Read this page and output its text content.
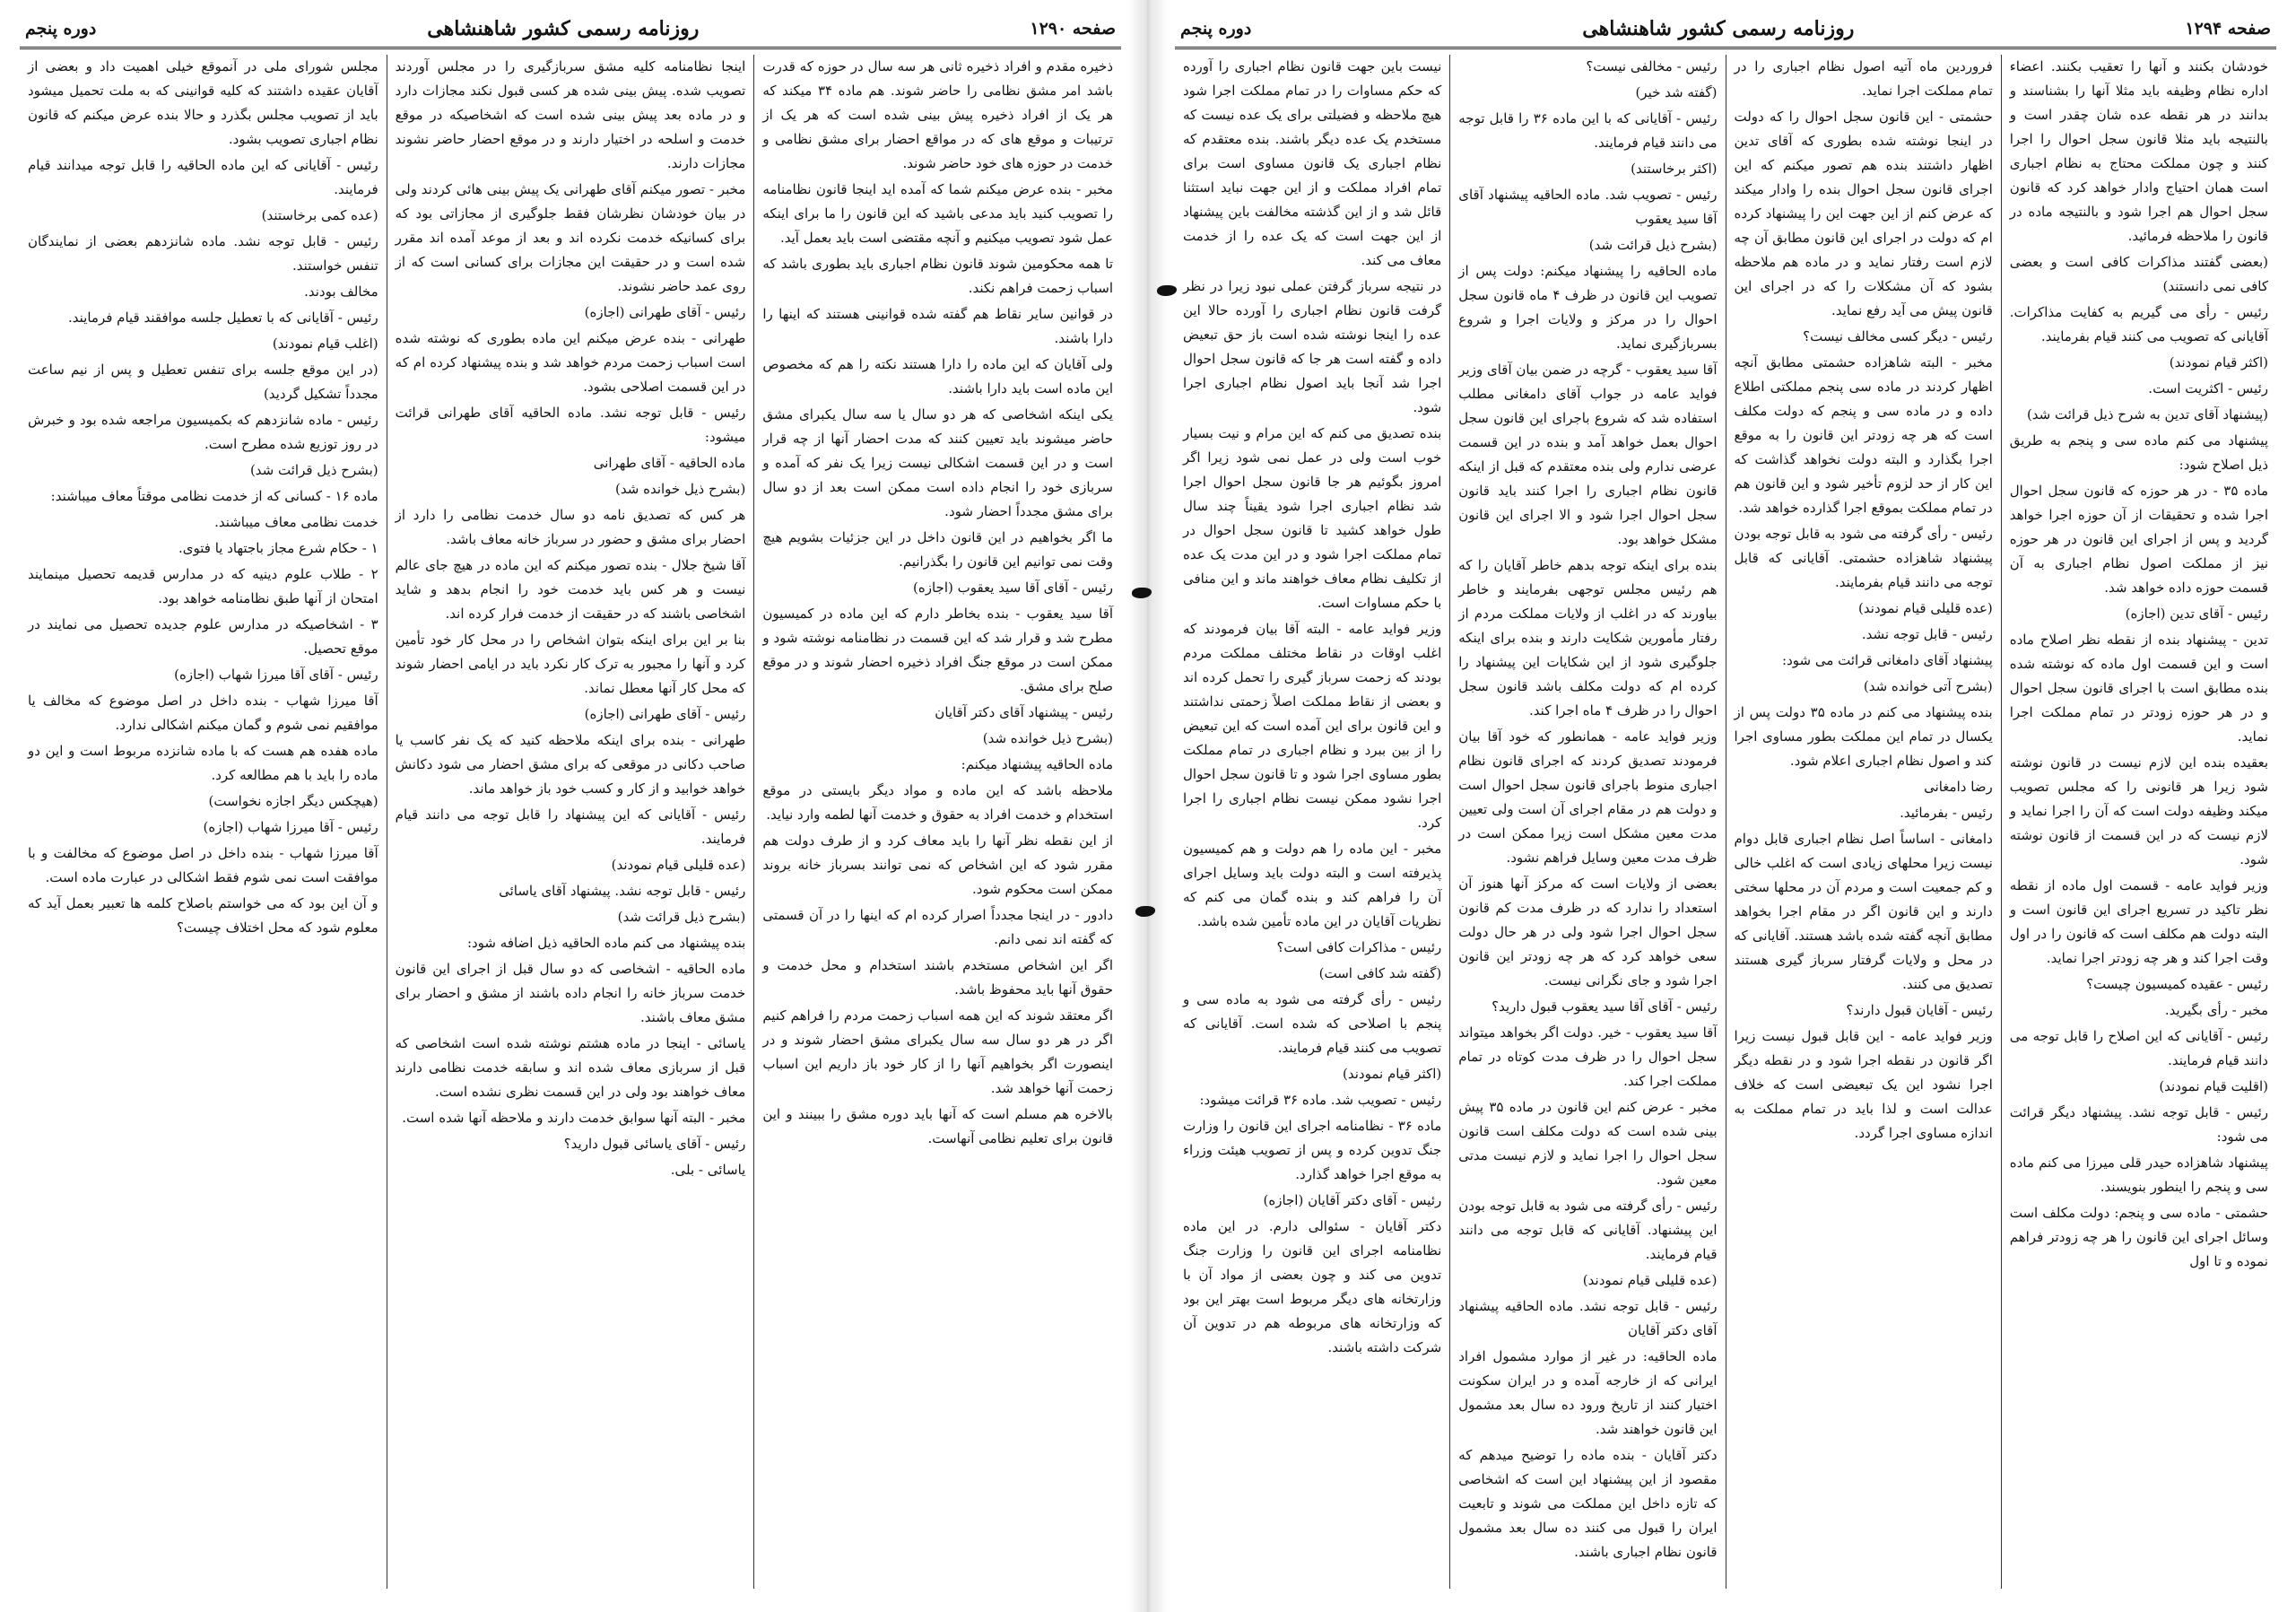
صفحه ۱۲۹۰
روزنامه رسمی کشور شاهنشاهی
دوره پنجم

ذخیره مقدم و افراد ذخیره ثانی هر سه سال در حوزه که قدرت باشد امر مشق نظامی را حاضر شوند. هم ماده ۳۴ میکند که هر یک از افراد ذخیره پیش بینی شده است که هر یک از ترتیبات و موقع های که در مواقع احضار برای مشق نظامی و خدمت در حوزه های خود حاضر شوند.

مخبر - بنده عرض میکنم شما که آمده اید اینجا قانون نظامنامه را تصویب کنید باید مدعی باشید که این قانون را ما برای اینکه عمل شود تصویب میکنیم و آنچه مقتضی است باید بعمل آید.

تا همه محکومین شوند قانون نظام اجباری باید بطوری باشد که اسباب زحمت فراهم نکند.

در قوانین سایر نقاط هم گفته شده قوانینی هستند که اینها را دارا باشند.

ولی آقایان که این ماده را دارا هستند نکته را هم که مخصوص این ماده است باید دارا باشند.

یکی اینکه اشخاصی که هر دو سال یا سه سال یکبرای مشق حاضر میشوند باید تعیین کنند که مدت احضار آنها از چه قرار است و در این قسمت اشکالی نیست زیرا یک نفر که آمده و سربازی خود را انجام داده است ممکن است بعد از دو سال برای مشق مجدداً احضار شود.

ما اگر بخواهیم در این قانون داخل در این جزئیات بشویم هیچ وقت نمی توانیم این قانون را بگذرانیم.

رئیس - آقای آقا سید یعقوب (اجازه)

آقا سید یعقوب - بنده بخاطر دارم که این ماده در کمیسیون مطرح شد و قرار شد که این قسمت در نظامنامه نوشته شود و ممکن است در موقع جنگ افراد ذخیره احضار شوند و در موقع صلح برای مشق.

رئیس - پیشنهاد آقای دکتر آقایان

(بشرح ذیل خوانده شد)

ماده الحاقیه پیشنهاد میکنم:

ملاحظه باشد که این ماده و مواد دیگر بایستی در موقع استخدام و خدمت افراد به حقوق و خدمت آنها لطمه وارد نیاید.

از این نقطه نظر آنها را باید معاف کرد و از طرف دولت هم مقرر شود که این اشخاص که نمی توانند بسرباز خانه بروند ممکن است محکوم شود.

دادور - در اینجا مجدداً اصرار کرده ام که اینها را در آن قسمتی که گفته اند نمی دانم.

اگر این اشخاص مستخدم باشند استخدام و محل خدمت و حقوق آنها باید محفوظ باشد.

اگر معتقد شوند که این همه اسباب زحمت مردم را فراهم کنیم اگر در هر دو سال سه سال یکبرای مشق احضار شوند و در اینصورت اگر بخواهیم آنها را از کار خود باز داریم این اسباب زحمت آنها خواهد شد.

بالاخره هم مسلم است که آنها باید دوره مشق را ببینند و این قانون برای تعلیم نظامی آنهاست.

اینجا نظامنامه کلیه مشق سربازگیری را در مجلس آوردند تصویب شده. پیش بینی شده هر کسی قبول نکند مجازات دارد و در ماده بعد پیش بینی شده است که اشخاصیکه در موقع خدمت و اسلحه در اختیار دارند و در موقع احضار حاضر نشوند مجازات دارند.

مخبر - تصور میکنم آقای طهرانی یک پیش بینی هائی کردند ولی در بیان خودشان نظرشان فقط جلوگیری از مجازاتی بود که برای کسانیکه خدمت نکرده اند و بعد از موعد آمده اند مقرر شده است و در حقیقت این مجازات برای کسانی است که از روی عمد حاضر نشوند.

رئیس - آقای طهرانی (اجازه)

طهرانی - بنده عرض میکنم این ماده بطوری که نوشته شده است اسباب زحمت مردم خواهد شد و بنده پیشنهاد کرده ام که در این قسمت اصلاحی بشود.

رئیس - قابل توجه نشد. ماده الحاقیه آقای طهرانی قرائت میشود:

ماده الحاقیه - آقای طهرانی

(بشرح ذیل خوانده شد)

هر کس که تصدیق نامه دو سال خدمت نظامی را دارد از احضار برای مشق و حضور در سرباز خانه معاف باشد.

آقا شیخ جلال - بنده تصور میکنم که این ماده در هیچ جای عالم نیست و هر کس باید خدمت خود را انجام بدهد و شاید اشخاصی باشند که در حقیقت از خدمت فرار کرده اند.

بنا بر این برای اینکه بتوان اشخاص را در محل کار خود تأمین کرد و آنها را مجبور به ترک کار نکرد باید در ایامی احضار شوند که محل کار آنها معطل نماند.

رئیس - آقای طهرانی (اجازه)

طهرانی - بنده برای اینکه ملاحظه کنید که یک نفر کاسب یا صاحب دکانی در موقعی که برای مشق احضار می شود دکانش خواهد خوابید و از کار و کسب خود باز خواهد ماند.

رئیس - آقایانی که این پیشنهاد را قابل توجه می دانند قیام فرمایند.

(عده قلیلی قیام نمودند)

رئیس - قابل توجه نشد. پیشنهاد آقای یاسائی

(بشرح ذیل قرائت شد)

بنده پیشنهاد می کنم ماده الحاقیه ذیل اضافه شود:

ماده الحاقیه - اشخاصی که دو سال قبل از اجرای این قانون خدمت سرباز خانه را انجام داده باشند از مشق و احضار برای مشق معاف باشند.

یاسائی - اینجا در ماده هشتم نوشته شده است اشخاصی که قبل از سربازی معاف شده اند و سابقه خدمت نظامی دارند معاف خواهند بود ولی در این قسمت نظری نشده است.

مخبر - البته آنها سوابق خدمت دارند و ملاحظه آنها شده است.

رئیس - آقای یاسائی قبول دارید؟

یاسائی - بلی.

مجلس شورای ملی در آنموقع خیلی اهمیت داد و بعضی از آقایان عقیده داشتند که کلیه قوانینی که به ملت تحمیل میشود باید از تصویب مجلس بگذرد و حالا بنده عرض میکنم که قانون نظام اجباری تصویب بشود.

رئیس - آقایانی که این ماده الحاقیه را قابل توجه میدانند قیام فرمایند.

(عده کمی برخاستند)

رئیس - قابل توجه نشد. ماده شانزدهم بعضی از نمایندگان تنفس خواستند.

مخالف بودند.

رئیس - آقایانی که با تعطیل جلسه موافقند قیام فرمایند.

(اغلب قیام نمودند)

(در این موقع جلسه برای تنفس تعطیل و پس از نیم ساعت مجدداً تشکیل گردید)

رئیس - ماده شانزدهم که بکمیسیون مراجعه شده بود و خبرش در روز توزیع شده مطرح است.

(بشرح ذیل قرائت شد)

ماده ۱۶ - کسانی که از خدمت نظامی موقتاً معاف میباشند:

خدمت نظامی معاف میباشند.

۱ - حکام شرع مجاز باجتهاد یا فتوی.

۲ - طلاب علوم دینیه که در مدارس قدیمه تحصیل مینمایند امتحان از آنها طبق نظامنامه خواهد بود.

۳ - اشخاصیکه در مدارس علوم جدیده تحصیل می نمایند در موقع تحصیل.

رئیس - آقای آقا میرزا شهاب (اجازه)

آقا میرزا شهاب - بنده داخل در اصل موضوع که مخالف یا موافقیم نمی شوم و گمان میکنم اشکالی ندارد.

ماده هفده هم هست که با ماده شانزده مربوط است و این دو ماده را باید با هم مطالعه کرد.

(هیچکس دیگر اجازه نخواست)

رئیس - آقا میرزا شهاب (اجازه)

آقا میرزا شهاب - بنده داخل در اصل موضوع که مخالفت و با موافقت است نمی شوم فقط اشکالی در عبارت ماده است.

و آن این بود که می خواستم باصلاح کلمه ها تعبیر بعمل آید که معلوم شود که محل اختلاف چیست؟

صفحه ۱۲۹۴
روزنامه رسمی کشور شاهنشاهی
دوره پنجم

خودشان بکنند و آنها را تعقیب بکنند. اعضاء اداره نظام وظیفه باید مثلا آنها را بشناسند و بدانند در هر نقطه عده شان چقدر است و بالنتیجه باید مثلا قانون سجل احوال را اجرا کنند و چون مملکت محتاج به نظام اجباری است همان احتیاج وادار خواهد کرد که قانون سجل احوال هم اجرا شود و بالنتیجه ماده در قانون را ملاحظه فرمائید.

(بعضی گفتند مذاکرات کافی است و بعضی کافی نمی دانستند)

رئیس - رأی می گیریم به کفایت مذاکرات. آقایانی که تصویب می کنند قیام بفرمایند.

(اکثر قیام نمودند)

رئیس - اکثریت است.

(پیشنهاد آقای تدین به شرح ذیل قرائت شد)

پیشنهاد می کنم ماده سی و پنجم به طریق ذیل اصلاح شود:

ماده ۳۵ - در هر حوزه که قانون سجل احوال اجرا شده و تحقیقات از آن حوزه اجرا خواهد گردید و پس از اجرای این قانون در هر حوزه نیز از مملکت اصول نظام اجباری به آن قسمت حوزه داده خواهد شد.

رئیس - آقای تدین (اجازه)

تدین - پیشنهاد بنده از نقطه نظر اصلاح ماده است و این قسمت اول ماده که نوشته شده بنده مطابق است با اجرای قانون سجل احوال و در هر حوزه زودتر در تمام مملکت اجرا نماید.

بعقیده بنده این لازم نیست در قانون نوشته شود زیرا هر قانونی را که مجلس تصویب میکند وظیفه دولت است که آن را اجرا نماید و لازم نیست که در این قسمت از قانون نوشته شود.

وزیر فواید عامه - قسمت اول ماده از نقطه نظر تاکید در تسریع اجرای این قانون است و البته دولت هم مکلف است که قانون را در اول وقت اجرا کند و هر چه زودتر اجرا نماید.

رئیس - عقیده کمیسیون چیست؟

مخبر - رأی بگیرید.

رئیس - آقایانی که این اصلاح را قابل توجه می دانند قیام فرمایند.

(اقلیت قیام نمودند)

رئیس - قابل توجه نشد. پیشنهاد دیگر قرائت می شود:

پیشنهاد شاهزاده حیدر قلی میرزا می کنم ماده سی و پنجم را اینطور بنویسند.

حشمتی - ماده سی و پنجم: دولت مکلف است وسائل اجرای این قانون را هر چه زودتر فراهم نموده و تا اول

فروردین ماه آتیه اصول نظام اجباری را در تمام مملکت اجرا نماید.

حشمتی - این قانون سجل احوال را که دولت در اینجا نوشته شده بطوری که آقای تدین اظهار داشتند بنده هم تصور میکنم که این اجرای قانون سجل احوال بنده را وادار میکند که عرض کنم از این جهت این را پیشنهاد کرده ام که دولت در اجرای این قانون مطابق آن چه لازم است رفتار نماید و در ماده هم ملاحظه بشود که آن مشکلات را که در اجرای این قانون پیش می آید رفع نماید.

رئیس - دیگر کسی مخالف نیست؟

مخبر - البته شاهزاده حشمتی مطابق آنچه اظهار کردند در ماده سی پنجم مملکتی اطلاع داده و در ماده سی و پنجم که دولت مکلف است که هر چه زودتر این قانون را به موقع اجرا بگذارد و البته دولت نخواهد گذاشت که این کار از حد لزوم تأخیر شود و این قانون هم در تمام مملکت بموقع اجرا گذارده خواهد شد.

رئیس - رأی گرفته می شود به قابل توجه بودن پیشنهاد شاهزاده حشمتی. آقایانی که قابل توجه می دانند قیام بفرمایند.

(عده قلیلی قیام نمودند)

رئیس - قابل توجه نشد.

پیشنهاد آقای دامغانی قرائت می شود:

(بشرح آتی خوانده شد)

بنده پیشنهاد می کنم در ماده ۳۵ دولت پس از یکسال در تمام این مملکت بطور مساوی اجرا کند و اصول نظام اجباری اعلام شود.

رضا دامغانی

رئیس - بفرمائید.

دامغانی - اساساً اصل نظام اجباری قابل دوام نیست زیرا محلهای زیادی است که اغلب خالی و کم جمعیت است و مردم آن در محلها سختی دارند و این قانون اگر در مقام اجرا بخواهد مطابق آنچه گفته شده باشد هستند. آقایانی که در محل و ولایات گرفتار سرباز گیری هستند تصدیق می کنند.

رئیس - آقایان قبول دارند؟

وزیر فواید عامه - این قابل قبول نیست زیرا اگر قانون در نقطه اجرا شود و در نقطه دیگر اجرا نشود این یک تبعیضی است که خلاف عدالت است و لذا باید در تمام مملکت به اندازه مساوی اجرا گردد.

رئیس - مخالفی نیست؟

(گفته شد خیر)

رئیس - آقایانی که با این ماده ۳۶ را قابل توجه می دانند قیام فرمایند.

(اکثر برخاستند)

رئیس - تصویب شد. ماده الحاقیه پیشنهاد آقای آقا سید یعقوب

(بشرح ذیل قرائت شد)

ماده الحاقیه را پیشنهاد میکنم: دولت پس از تصویب این قانون در ظرف ۴ ماه قانون سجل احوال را در مرکز و ولایات اجرا و شروع بسربازگیری نماید.

آقا سید یعقوب - گرچه در ضمن بیان آقای وزیر فواید عامه در جواب آقای دامغانی مطلب استفاده شد که شروع باجرای این قانون سجل احوال بعمل خواهد آمد و بنده در این قسمت عرضی ندارم ولی بنده معتقدم که قبل از اینکه قانون نظام اجباری را اجرا کنند باید قانون سجل احوال اجرا شود و الا اجرای این قانون مشکل خواهد بود.

بنده برای اینکه توجه بدهم خاطر آقایان را که هم رئیس مجلس توجهی بفرمایند و خاطر بیاورند که در اغلب از ولایات مملکت مردم از رفتار مأمورین شکایت دارند و بنده برای اینکه جلوگیری شود از این شکایات این پیشنهاد را کرده ام که دولت مکلف باشد قانون سجل احوال را در ظرف ۴ ماه اجرا کند.

وزیر فواید عامه - همانطور که خود آقا بیان فرمودند تصدیق کردند که اجرای قانون نظام اجباری منوط باجرای قانون سجل احوال است و دولت هم در مقام اجرای آن است ولی تعیین مدت معین مشکل است زیرا ممکن است در ظرف مدت معین وسایل فراهم نشود.

بعضی از ولایات است که مرکز آنها هنوز آن استعداد را ندارد که در ظرف مدت کم قانون سجل احوال اجرا شود ولی در هر حال دولت سعی خواهد کرد که هر چه زودتر این قانون اجرا شود و جای نگرانی نیست.

رئیس - آقای آقا سید یعقوب قبول دارید؟

آقا سید یعقوب - خیر. دولت اگر بخواهد میتواند سجل احوال را در ظرف مدت کوتاه در تمام مملکت اجرا کند.

مخبر - عرض کنم این قانون در ماده ۳۵ پیش بینی شده است که دولت مکلف است قانون سجل احوال را اجرا نماید و لازم نیست مدتی معین شود.

رئیس - رأی گرفته می شود به قابل توجه بودن این پیشنهاد. آقایانی که قابل توجه می دانند قیام فرمایند.

(عده قلیلی قیام نمودند)

رئیس - قابل توجه نشد. ماده الحاقیه پیشنهاد آقای دکتر آقایان

ماده الحاقیه: در غیر از موارد مشمول افراد ایرانی که از خارجه آمده و در ایران سکونت اختیار کنند از تاریخ ورود ده سال بعد مشمول این قانون خواهند شد.

دکتر آقایان - بنده ماده را توضیح میدهم که مقصود از این پیشنهاد این است که اشخاصی که تازه داخل این مملکت می شوند و تابعیت ایران را قبول می کنند ده سال بعد مشمول قانون نظام اجباری باشند.

نیست باین جهت قانون نظام اجباری را آورده که حکم مساوات را در تمام مملکت اجرا شود هیچ ملاحظه و فضیلتی برای یک عده نیست که مستخدم یک عده دیگر باشند. بنده معتقدم که نظام اجباری یک قانون مساوی است برای تمام افراد مملکت و از این جهت نباید استثنا قائل شد و از این گذشته مخالفت باین پیشنهاد از این جهت است که یک عده را از خدمت معاف می کند.

در نتیجه سرباز گرفتن عملی نبود زیرا در نظر گرفت قانون نظام اجباری را آورده حالا این عده را اینجا نوشته شده است باز حق تبعیض داده و گفته است هر جا که قانون سجل احوال اجرا شد آنجا باید اصول نظام اجباری اجرا شود.

بنده تصدیق می کنم که این مرام و نیت بسیار خوب است ولی در عمل نمی شود زیرا اگر امروز بگوئیم هر جا قانون سجل احوال اجرا شد نظام اجباری اجرا شود یقیناً چند سال طول خواهد کشید تا قانون سجل احوال در تمام مملکت اجرا شود و در این مدت یک عده از تکلیف نظام معاف خواهند ماند و این منافی با حکم مساوات است.

وزیر فواید عامه - البته آقا بیان فرمودند که اغلب اوقات در نقاط مختلف مملکت مردم بودند که زحمت سرباز گیری را تحمل کرده اند و بعضی از نقاط مملکت اصلاً زحمتی نداشتند و این قانون برای این آمده است که این تبعیض را از بین ببرد و نظام اجباری در تمام مملکت بطور مساوی اجرا شود و تا قانون سجل احوال اجرا نشود ممکن نیست نظام اجباری را اجرا کرد.

مخبر - این ماده را هم دولت و هم کمیسیون پذیرفته است و البته دولت باید وسایل اجرای آن را فراهم کند و بنده گمان می کنم که نظریات آقایان در این ماده تأمین شده باشد.

رئیس - مذاکرات کافی است؟

(گفته شد کافی است)

رئیس - رأی گرفته می شود به ماده سی و پنجم با اصلاحی که شده است. آقایانی که تصویب می کنند قیام فرمایند.

(اکثر قیام نمودند)

رئیس - تصویب شد. ماده ۳۶ قرائت میشود:

ماده ۳۶ - نظامنامه اجرای این قانون را وزارت جنگ تدوین کرده و پس از تصویب هیئت وزراء به موقع اجرا خواهد گذارد.

رئیس - آقای دکتر آقایان (اجازه)

دکتر آقایان - سئوالی دارم. در این ماده نظامنامه اجرای این قانون را وزارت جنگ تدوین می کند و چون بعضی از مواد آن با وزارتخانه های دیگر مربوط است بهتر این بود که وزارتخانه های مربوطه هم در تدوین آن شرکت داشته باشند.
